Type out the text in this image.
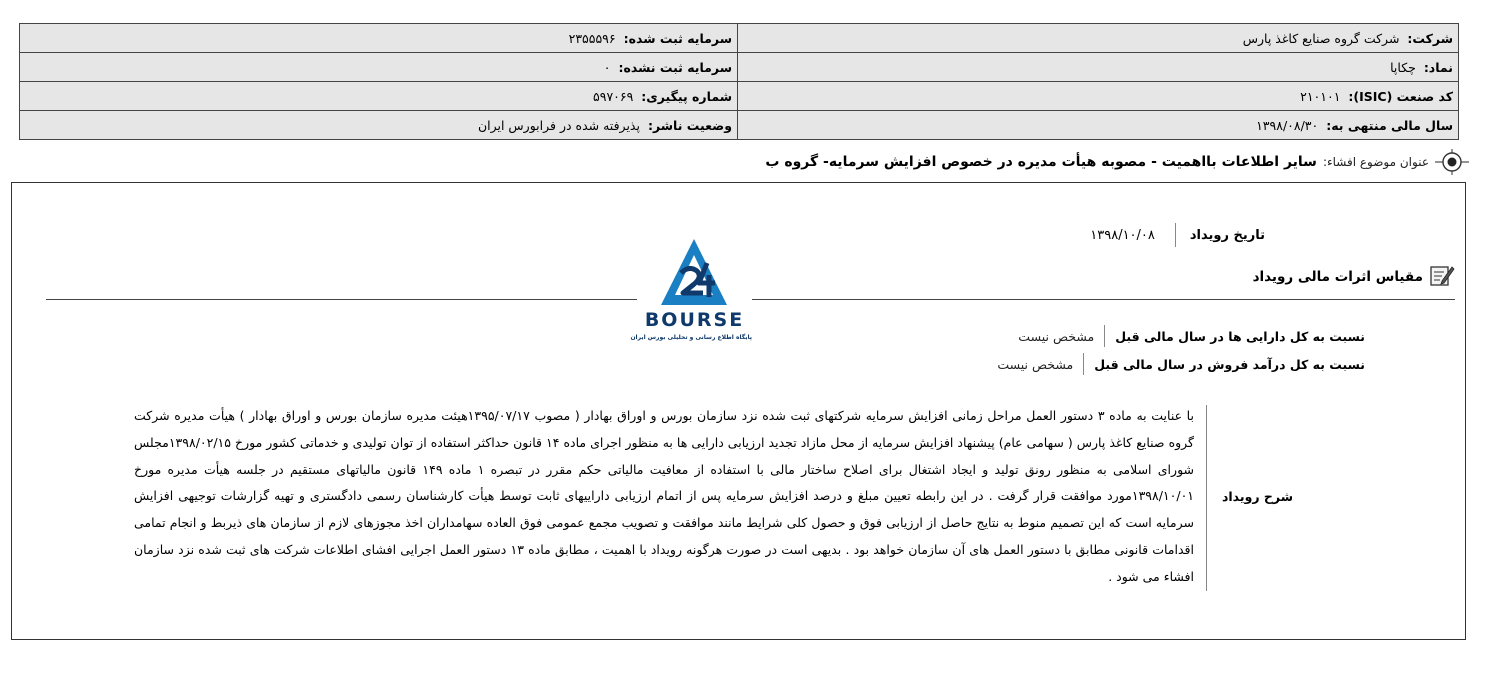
شرکت: شرکت گروه صنایع کاغذ پارس	سرمایه ثبت شده: ۲۳۵۵۵۹۶
نماد: چکاپا	سرمایه ثبت نشده: ۰
کد صنعت (ISIC): ۲۱۰۱۰۱	شماره پیگیری: ۵۹۷۰۶۹
سال مالی منتهی به: ۱۳۹۸/۰۸/۳۰	وضعیت ناشر: پذیرفته شده در فرابورس ایران
عنوان موضوع افشاء:
سایر اطلاعات بااهمیت - مصوبه هیأت مدیره در خصوص افزایش سرمایه- گروه ب
تاریخ رویداد
۱۳۹۸/۱۰/۰۸
مقیاس اثرات مالی رویداد
BOURSE
پایگاه اطلاع رسانی و تحلیلی بورس ایران	نسبت به کل دارایی ها در سال مالی قبل
مشخص نیست
نسبت به کل درآمد فروش در سال مالی قبل
مشخص نیست
شرح رویداد
با عنایت به ماده ۳ دستور العمل مراحل زمانی افزایش سرمایه شرکتهای ثبت شده نزد سازمان بورس و اوراق بهادار ( مصوب ۱۳۹۵/۰۷/۱۷هیئت مدیره سازمان بورس و اوراق بهادار ) هیأت مدیره شرکت گروه صنایع کاغذ پارس ( سهامی عام) پیشنهاد افزایش سرمایه از محل مازاد تجدید ارزیابی دارایی ها به منظور اجرای ماده ۱۴ قانون حداکثر استفاده از توان تولیدی و خدماتی کشور مورخ ۱۳۹۸/۰۲/۱۵مجلس شورای اسلامی به منظور رونق تولید و ایجاد اشتغال برای اصلاح ساختار مالی با استفاده از معافیت مالیاتی حکم مقرر در تبصره ۱ ماده ۱۴۹ قانون مالیاتهای مستقیم در جلسه هیأت مدیره مورخ ۱۳۹۸/۱۰/۰۱مورد موافقت قرار گرفت . در این رابطه تعیین مبلغ و درصد افزایش سرمایه پس از اتمام ارزیابی داراییهای ثابت توسط هیأت کارشناسان رسمی دادگستری و تهیه گزارشات توجیهی افزایش سرمایه است که این تصمیم منوط به نتایج حاصل از ارزیابی فوق و حصول کلی شرایط مانند موافقت و تصویب مجمع عمومی فوق العاده سهامداران اخذ مجوزهای لازم از سازمان های ذیربط و انجام تمامی اقدامات قانونی مطابق با دستور العمل های آن سازمان خواهد بود . بدیهی است در صورت هرگونه رویداد با اهمیت ، مطابق ماده ۱۳ دستور العمل اجرایی افشای اطلاعات شرکت های ثبت شده نزد سازمان افشاء می شود .
